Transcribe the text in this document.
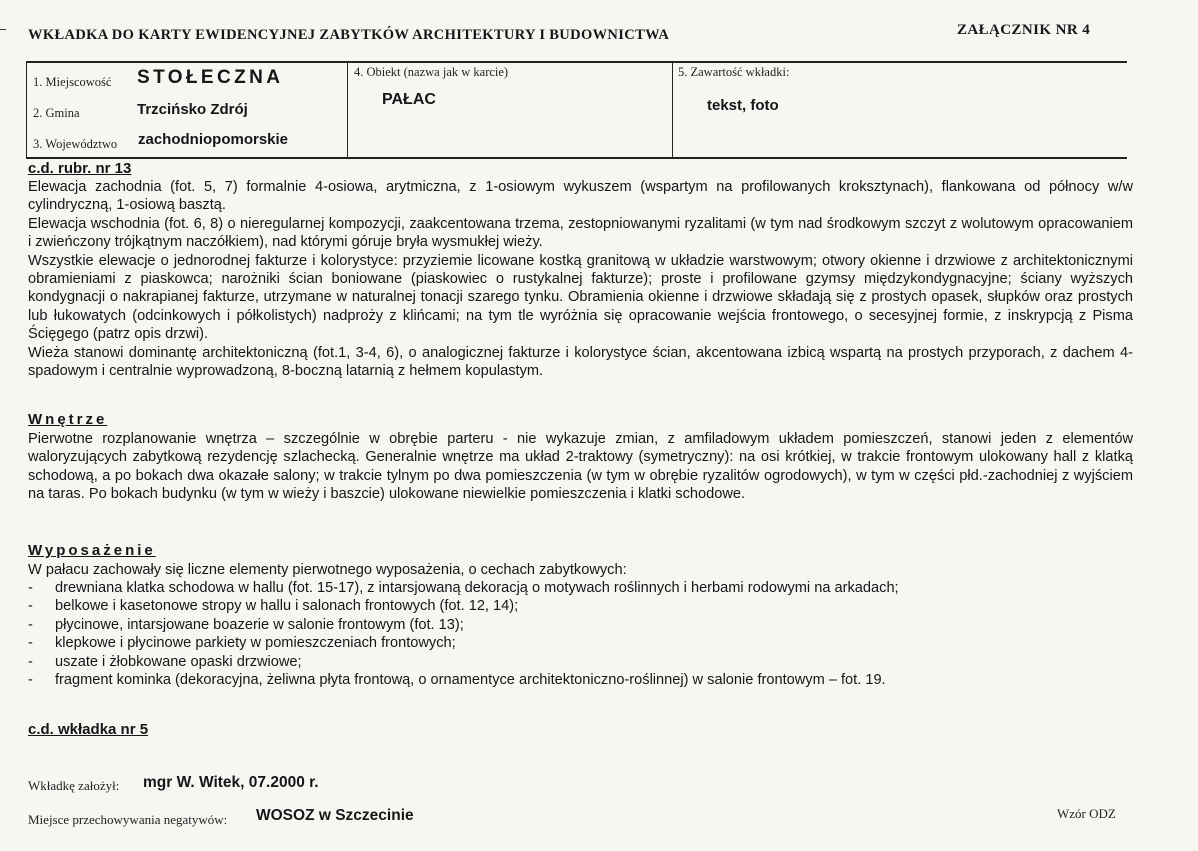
WKŁADKA DO KARTY EWIDENCYJNEJ ZABYTKÓW ARCHITEKTURY I BUDOWNICTWA	ZAŁĄCZNIK NR 4
1. Miejscowość STOŁECZNA
2. Gmina	Trzcińsko Zdrój
3. Województwo zachodniopomorskie
4. Obiekt (nazwa jak w karcie)
PAŁAC
5. Zawartość wkładki:
tekst, foto
c.d. rubr. nr 13

Elewacja zachodnia (fot. 5, 7) formalnie 4-osiowa, arytmiczna, z 1-osiowym wykuszem (wspartym na profilowanych kroksztynach), flankowana od północy w/w cylindryczną, 1-osiową basztą.

Elewacja wschodnia (fot. 6, 8) o nieregularnej kompozycji, zaakcentowana trzema, zestopniowanymi ryzalitami (w tym nad środkowym szczyt z wolutowym opracowaniem i zwieńczony trójkątnym naczółkiem), nad którymi góruje bryła wysmukłej wieży.

Wszystkie elewacje o jednorodnej fakturze i kolorystyce: przyziemie licowane kostką granitową w układzie warstwowym; otwory okienne i drzwiowe z architektonicznymi obramieniami z piaskowca; narożniki ścian boniowane (piaskowiec o rustykalnej fakturze); proste i profilowane gzymsy międzykondygnacyjne; ściany wyższych kondygnacji o nakrapianej fakturze, utrzymane w naturalnej tonacji szarego tynku. Obramienia okienne i drzwiowe składają się z prostych opasek, słupków oraz prostych lub łukowatych (odcinkowych i półkolistych) nadproży z klińcami; na tym tle wyróżnia się opracowanie wejścia frontowego, o secesyjnej formie, z inskrypcją z Pisma Ścięgego (patrz opis drzwi).

Wieża stanowi dominantę architektoniczną (fot.1, 3-4, 6), o analogicznej fakturze i kolorystyce ścian, akcentowana izbicą wspartą na prostych przyporach, z dachem 4-spadowym i centralnie wyprowadzoną, 8-boczną latarnią z hełmem kopulastym.

Wnętrze

Pierwotne rozplanowanie wnętrza – szczególnie w obrębie parteru - nie wykazuje zmian, z amfiladowym układem pomieszczeń, stanowi jeden z elementów waloryzujących zabytkową rezydencję szlachecką. Generalnie wnętrze ma układ 2-traktowy (symetryczny): na osi krótkiej, w trakcie frontowym ulokowany hall z klatką schodową, a po bokach dwa okazałe salony; w trakcie tylnym po dwa pomieszczenia (w tym w obrębie ryzalitów ogrodowych), w tym w części płd.-zachodniej z wyjściem na taras. Po bokach budynku (w tym w wieży i baszcie) ulokowane niewielkie pomieszczenia i klatki schodowe.

Wyposażenie
W pałacu zachowały się liczne elementy pierwotnego wyposażenia, o cechach zabytkowych:
- drewniana klatka schodowa w hallu (fot. 15-17), z intarsjowaną dekoracją o motywach roślinnych i herbami rodowymi na arkadach;
- belkowe i kasetonowe stropy w hallu i salonach frontowych (fot. 12, 14);
- płycinowe, intarsjowane boazerie w salonie frontowym (fot. 13);
- klepkowe i płycinowe parkiety w pomieszczeniach frontowych;
- uszate i żłobkowane opaski drzwiowe;
- fragment kominka (dekoracyjna, żeliwna płyta frontową, o ornamentyce architektoniczno-roślinnej) w salonie frontowym – fot. 19.
c.d. wkładka nr 5
Wkładkę założył: mgr W. Witek, 07.2000 r.
Miejsce przechowywania negatywów: WOSOZ w Szczecinie	Wzór ODZ
